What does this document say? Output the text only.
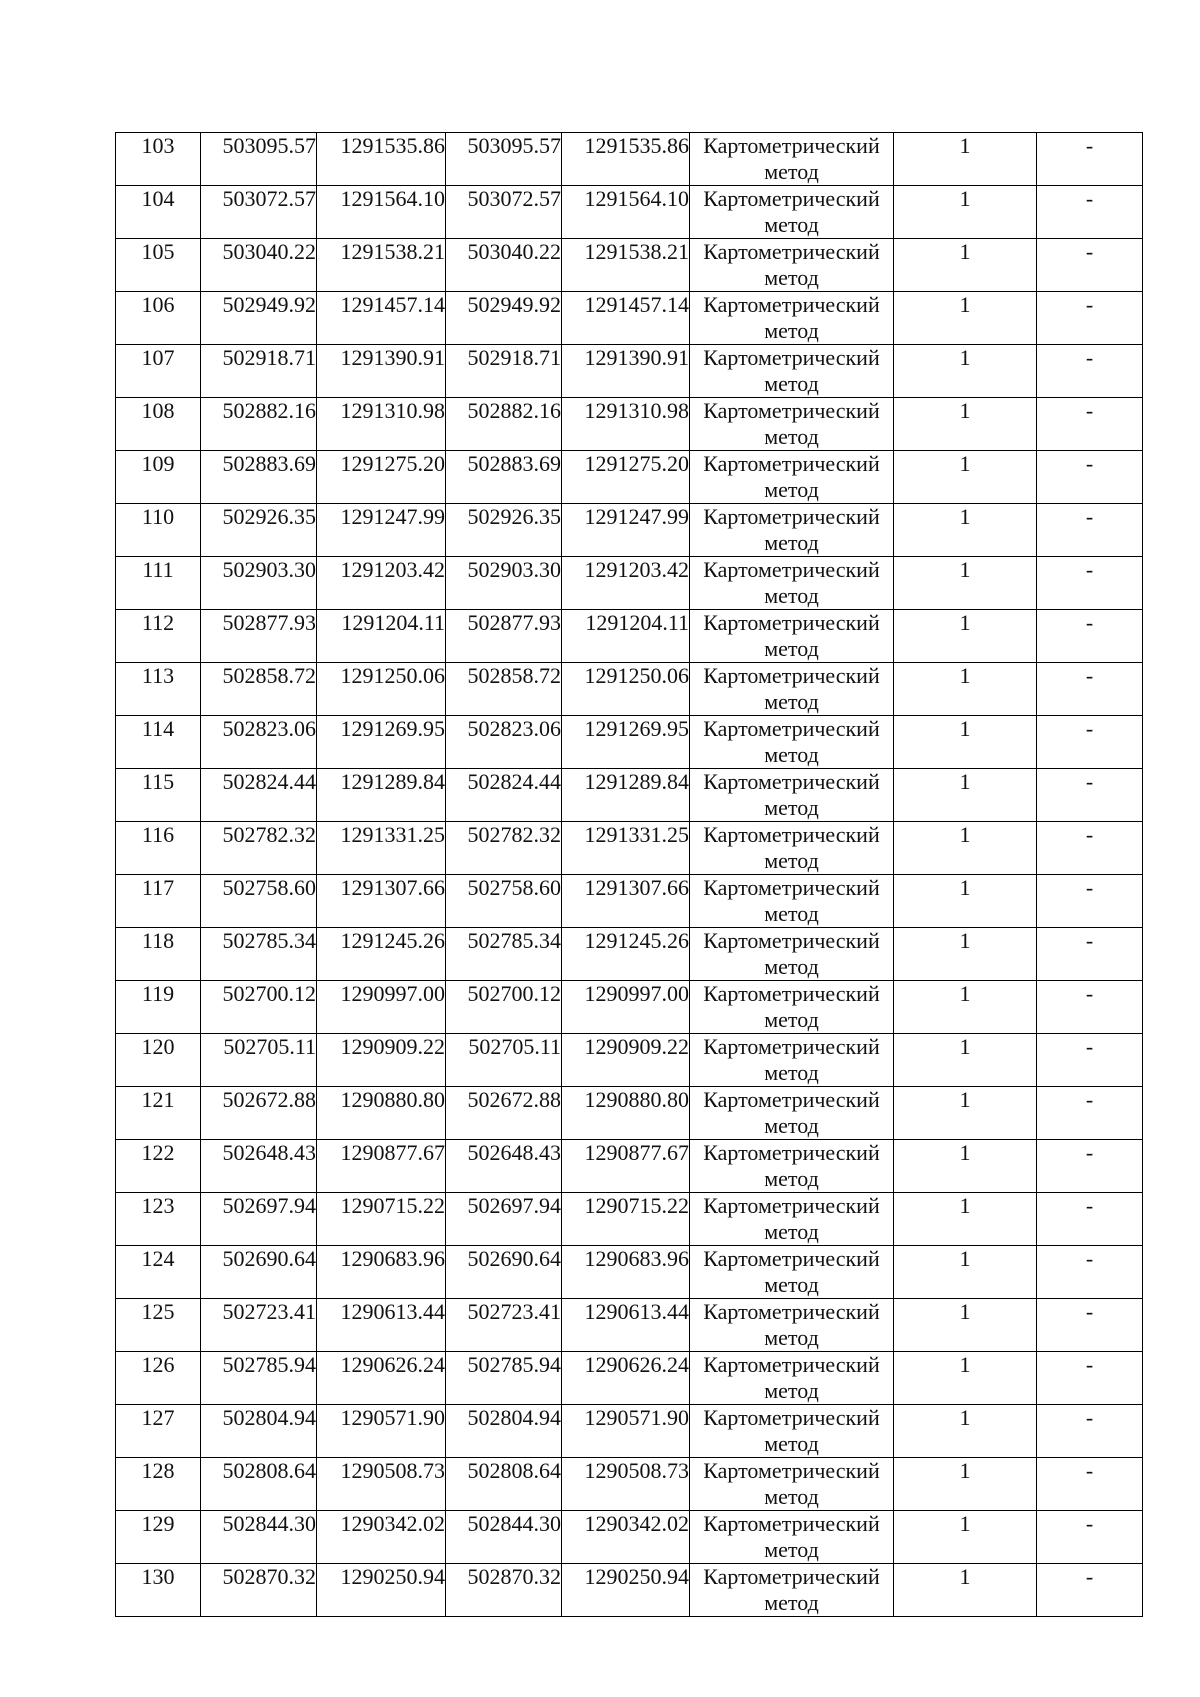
103	503095.57	1291535.86	503095.57	1291535.86	Картометрический
метод	1	-
104	503072.57	1291564.10	503072.57	1291564.10	Картометрический
метод	1	-
105	503040.22	1291538.21	503040.22	1291538.21	Картометрический
метод	1	-
106	502949.92	1291457.14	502949.92	1291457.14	Картометрический
метод	1	-
107	502918.71	1291390.91	502918.71	1291390.91	Картометрический
метод	1	-
108	502882.16	1291310.98	502882.16	1291310.98	Картометрический
метод	1	-
109	502883.69	1291275.20	502883.69	1291275.20	Картометрический
метод	1	-
110	502926.35	1291247.99	502926.35	1291247.99	Картометрический
метод	1	-
111	502903.30	1291203.42	502903.30	1291203.42	Картометрический
метод	1	-
112	502877.93	1291204.11	502877.93	1291204.11	Картометрический
метод	1	-
113	502858.72	1291250.06	502858.72	1291250.06	Картометрический
метод	1	-
114	502823.06	1291269.95	502823.06	1291269.95	Картометрический
метод	1	-
115	502824.44	1291289.84	502824.44	1291289.84	Картометрический
метод	1	-
116	502782.32	1291331.25	502782.32	1291331.25	Картометрический
метод	1	-
117	502758.60	1291307.66	502758.60	1291307.66	Картометрический
метод	1	-
118	502785.34	1291245.26	502785.34	1291245.26	Картометрический
метод	1	-
119	502700.12	1290997.00	502700.12	1290997.00	Картометрический
метод	1	-
120	502705.11	1290909.22	502705.11	1290909.22	Картометрический
метод	1	-
121	502672.88	1290880.80	502672.88	1290880.80	Картометрический
метод	1	-
122	502648.43	1290877.67	502648.43	1290877.67	Картометрический
метод	1	-
123	502697.94	1290715.22	502697.94	1290715.22	Картометрический
метод	1	-
124	502690.64	1290683.96	502690.64	1290683.96	Картометрический
метод	1	-
125	502723.41	1290613.44	502723.41	1290613.44	Картометрический
метод	1	-
126	502785.94	1290626.24	502785.94	1290626.24	Картометрический
метод	1	-
127	502804.94	1290571.90	502804.94	1290571.90	Картометрический
метод	1	-
128	502808.64	1290508.73	502808.64	1290508.73	Картометрический
метод	1	-
129	502844.30	1290342.02	502844.30	1290342.02	Картометрический
метод	1	-
130	502870.32	1290250.94	502870.32	1290250.94	Картометрический
метод	1	-
